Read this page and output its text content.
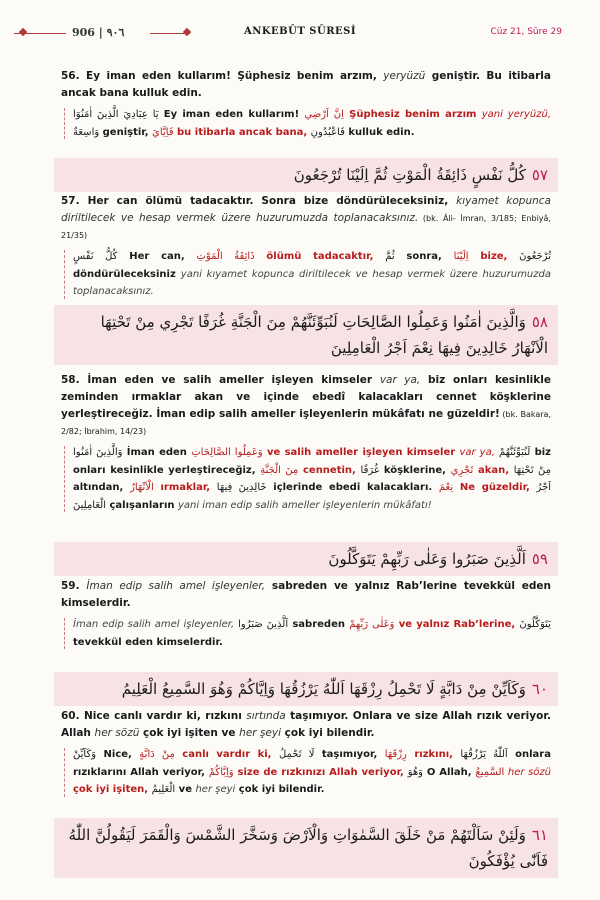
906 | ٩٠٦	ANKEBÛT SÛRESİ	Cüz 21, Sûre 29

56. Ey iman eden kullarım! Şüphesiz benim arzım, yeryüzü geniştir. Bu itibarla ancak bana kulluk edin.

يَا عِبَادِيَ الَّذِينَ اٰمَنُوٓا Ey iman eden kullarım! اِنَّ اَرْضِي Şüphesiz benim arzım yani yeryüzü, وَاسِعَةٌ geniştir, فَاِيَّايَ bu itibarla ancak bana, فَاعْبُدُونِ kulluk edin.
٥٧كُلُّ نَفْسٍ ذَائِقَةُ الْمَوْتِ ثُمَّ اِلَيْنَا تُرْجَعُونَ

57. Her can ölümü tadacaktır. Sonra bize döndürüleceksiniz, kıyamet kopunca diriltilecek ve hesap vermek üzere huzurumuzda toplanacaksınız. (bk. Âli- İmran, 3/185; Enbiyâ, 21/35)

كُلُّ نَفْسٍ Her can, ذَائِقَةُ الْمَوْتِ ölümü tadacaktır, ثُمَّ sonra, اِلَيْنَا bize, تُرْجَعُونَ döndürüleceksiniz yani kıyamet kopunca diriltilecek ve hesap vermek üzere huzurumuzda toplanacaksınız.
٥٨وَالَّذِينَ اٰمَنُوا وَعَمِلُوا الصَّالِحَاتِ لَنُبَوِّئَنَّهُمْ مِنَ الْجَنَّةِ غُرَفًا تَجْرِي مِنْ تَحْتِهَا الْاَنْهَارُ خَالِدِينَ فِيهَا نِعْمَ اَجْرُ الْعَامِلِينَ

58. İman eden ve salih ameller işleyen kimseler var ya, biz onları kesinlikle zeminden ırmaklar akan ve içinde ebedî kalacakları cennet köşklerine yerleştireceğiz. İman edip salih ameller işleyenlerin mükâfatı ne güzeldir! (bk. Bakara, 2/82; İbrahim, 14/23)

وَالَّذِينَ اٰمَنُوا İman eden وَعَمِلُوا الصَّالِحَاتِ ve salih ameller işleyen kimseler var ya, لَنُبَوِّئَنَّهُمْ biz onları kesinlikle yerleştireceğiz, مِنَ الْجَنَّةِ cennetin, غُرَفًا köşklerine, تَجْرِي akan, مِنْ تَحْتِهَا altından, الْاَنْهَارُ ırmaklar, خَالِدِينَ فِيهَا içlerinde ebedi kalacakları. نِعْمَ Ne güzeldir, اَجْرُ الْعَامِلِينَ çalışanların yani iman edip salih ameller işleyenlerin mükâfatı!
٥٩اَلَّذِينَ صَبَرُوا وَعَلٰى رَبِّهِمْ يَتَوَكَّلُونَ

59. İman edip salih amel işleyenler, sabreden ve yalnız Rab’lerine tevekkül eden kimselerdir.

İman edip salih amel işleyenler, اَلَّذِينَ صَبَرُوا sabreden وَعَلٰى رَبِّهِمْ ve yalnız Rab’lerine, يَتَوَكَّلُونَ tevekkül eden kimselerdir.
٦٠وَكَاَيِّنْ مِنْ دَابَّةٍ لَا تَحْمِلُ رِزْقَهَا اَللّٰهُ يَرْزُقُهَا وَاِيَّاكُمْ وَهُوَ السَّمِيعُ الْعَلِيمُ

60. Nice canlı vardır ki, rızkını sırtında taşımıyor. Onlara ve size Allah rızık veriyor. Allah her sözü çok iyi işiten ve her şeyi çok iyi bilendir.

وَكَاَيِّنْ Nice, مِنْ دَابَّةٍ canlı vardır ki, لَا تَحْمِلُ taşımıyor, رِزْقَهَا rızkını, اَللّٰهُ يَرْزُقُهَا onlara rızıklarını Allah veriyor, وَاِيَّاكُمْ size de rızkınızı Allah veriyor, وَهُوَ O Allah, السَّمِيعُ her sözü çok iyi işiten, الْعَلِيمُ ve her şeyi çok iyi bilendir.
٦١وَلَئِنْ سَاَلْتَهُمْ مَنْ خَلَقَ السَّمٰوَاتِ وَالْاَرْضَ وَسَخَّرَ الشَّمْسَ وَالْقَمَرَ لَيَقُولُنَّ اللّٰهُ فَاَنّٰى يُؤْفَكُونَ
